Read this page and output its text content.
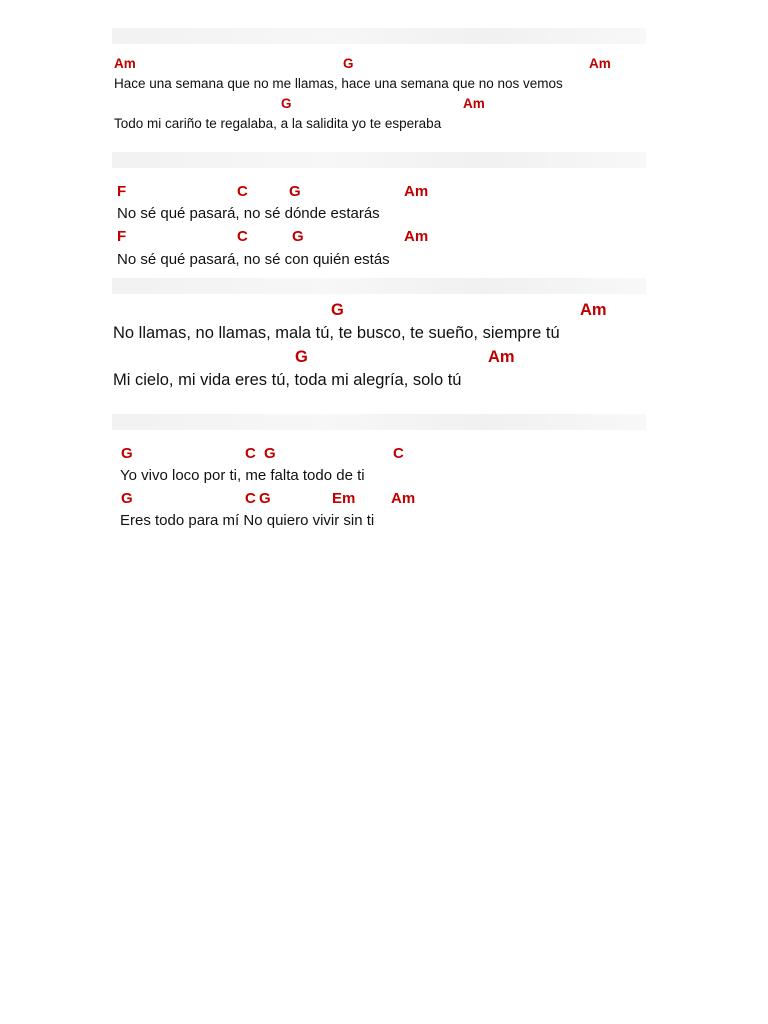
Am	G	Am
Hace una semana que no me llamas, hace una semana que no nos vemos
G	Am
Todo mi cariño te regalaba, a la salidita yo te esperaba
F	C	G	Am
No sé qué pasará, no sé dónde estarás
F	C	G	Am
No sé qué pasará, no sé con quién estás
G	Am
No llamas, no llamas, mala tú, te busco, te sueño, siempre tú
G	Am
Mi cielo, mi vida eres tú, toda mi alegría, solo tú
G	C G	C
Yo vivo loco por ti, me falta todo de ti
G	C G	Em Am
Eres todo para mí No quiero vivir sin ti
